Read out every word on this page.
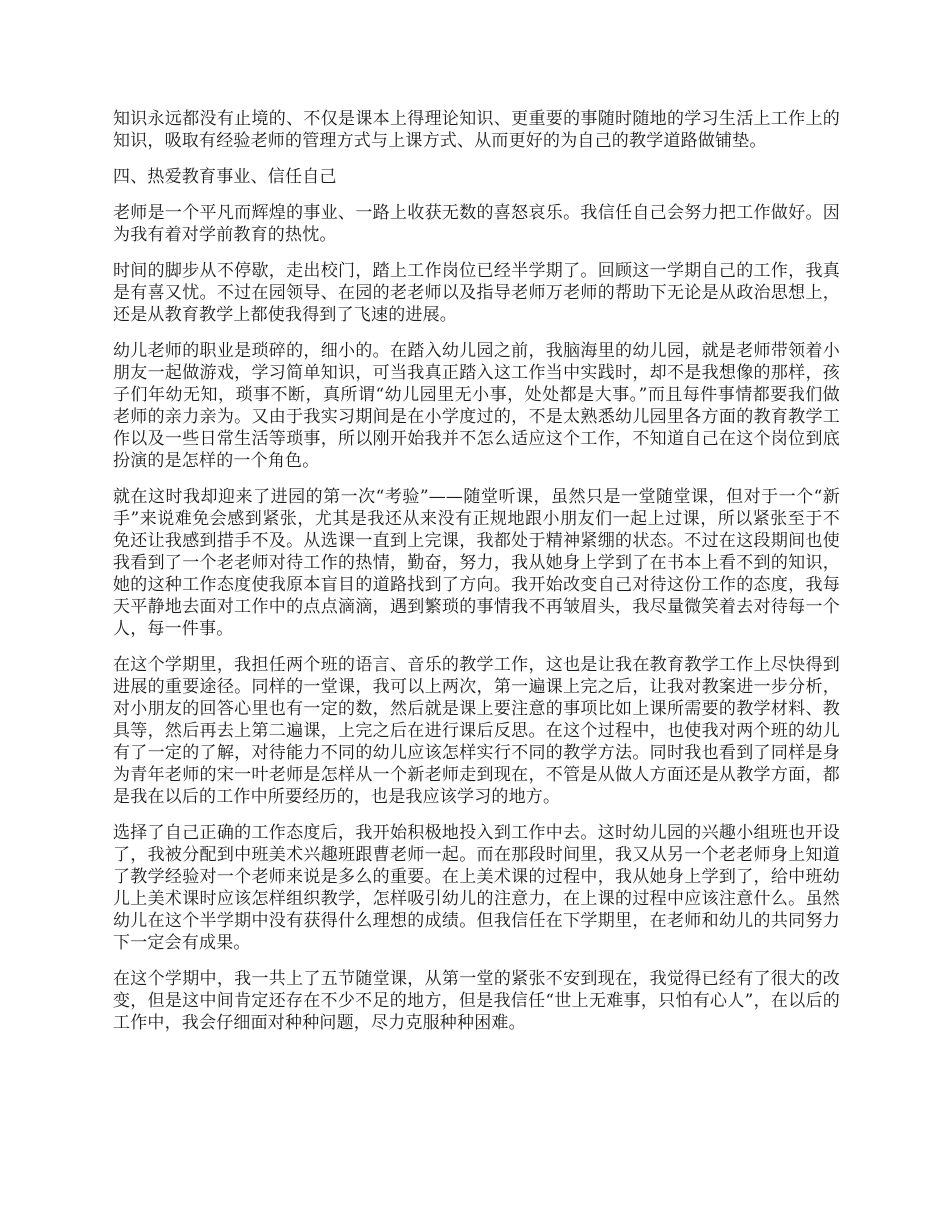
知识永远都没有止境的、不仅是课本上得理论知识、更重要的事随时随地的学习生活上工作上的知识，吸取有经验老师的管理方式与上课方式、从而更好的为自己的教学道路做铺垫。

四、热爱教育事业、信任自己

老师是一个平凡而辉煌的事业、一路上收获无数的喜怒哀乐。我信任自己会努力把工作做好。因为我有着对学前教育的热忱。

时间的脚步从不停歇，走出校门，踏上工作岗位已经半学期了。回顾这一学期自己的工作，我真是有喜又忧。不过在园领导、在园的老老师以及指导老师万老师的帮助下无论是从政治思想上，还是从教育教学上都使我得到了飞速的进展。

幼儿老师的职业是琐碎的，细小的。在踏入幼儿园之前，我脑海里的幼儿园，就是老师带领着小朋友一起做游戏，学习简单知识，可当我真正踏入这工作当中实践时，却不是我想像的那样，孩子们年幼无知，琐事不断，真所谓“幼儿园里无小事，处处都是大事。”而且每件事情都要我们做老师的亲力亲为。又由于我实习期间是在小学度过的，不是太熟悉幼儿园里各方面的教育教学工作以及一些日常生活等琐事，所以刚开始我并不怎么适应这个工作，不知道自己在这个岗位到底扮演的是怎样的一个角色。

就在这时我却迎来了进园的第一次“考验”——随堂听课，虽然只是一堂随堂课，但对于一个“新手”来说难免会感到紧张，尤其是我还从来没有正规地跟小朋友们一起上过课，所以紧张至于不免还让我感到措手不及。从选课一直到上完课，我都处于精神紧绷的状态。不过在这段期间也使我看到了一个老老师对待工作的热情，勤奋，努力，我从她身上学到了在书本上看不到的知识，她的这种工作态度使我原本盲目的道路找到了方向。我开始改变自己对待这份工作的态度，我每天平静地去面对工作中的点点滴滴，遇到繁琐的事情我不再皱眉头，我尽量微笑着去对待每一个人，每一件事。

在这个学期里，我担任两个班的语言、音乐的教学工作，这也是让我在教育教学工作上尽快得到进展的重要途径。同样的一堂课，我可以上两次，第一遍课上完之后，让我对教案进一步分析，对小朋友的回答心里也有一定的数，然后就是课上要注意的事项比如上课所需要的教学材料、教具等，然后再去上第二遍课，上完之后在进行课后反思。在这个过程中，也使我对两个班的幼儿有了一定的了解，对待能力不同的幼儿应该怎样实行不同的教学方法。同时我也看到了同样是身为青年老师的宋一叶老师是怎样从一个新老师走到现在，不管是从做人方面还是从教学方面，都是我在以后的工作中所要经历的，也是我应该学习的地方。

选择了自己正确的工作态度后，我开始积极地投入到工作中去。这时幼儿园的兴趣小组班也开设了，我被分配到中班美术兴趣班跟曹老师一起。而在那段时间里，我又从另一个老老师身上知道了教学经验对一个老师来说是多么的重要。在上美术课的过程中，我从她身上学到了，给中班幼儿上美术课时应该怎样组织教学，怎样吸引幼儿的注意力，在上课的过程中应该注意什么。虽然幼儿在这个半学期中没有获得什么理想的成绩。但我信任在下学期里，在老师和幼儿的共同努力下一定会有成果。

在这个学期中，我一共上了五节随堂课，从第一堂的紧张不安到现在，我觉得已经有了很大的改变，但是这中间肯定还存在不少不足的地方，但是我信任“世上无难事，只怕有心人”，在以后的工作中，我会仔细面对种种问题，尽力克服种种困难。
